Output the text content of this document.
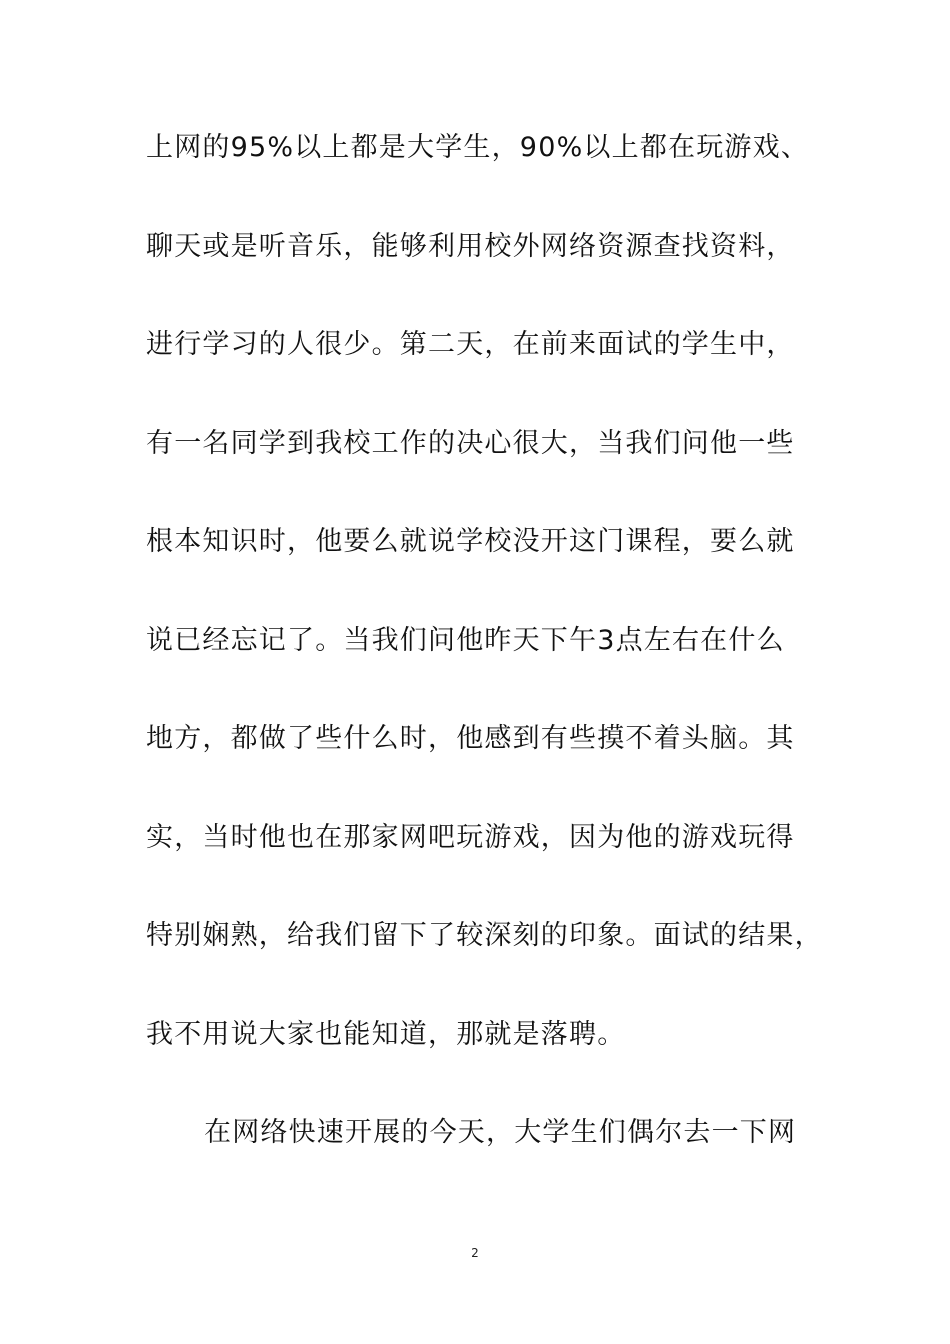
上网的95%以上都是大学生，90%以上都在玩游戏、
聊天或是听音乐，能够利用校外网络资源查找资料，
进行学习的人很少。第二天，在前来面试的学生中，
有一名同学到我校工作的决心很大，当我们问他一些
根本知识时，他要么就说学校没开这门课程，要么就
说已经忘记了。当我们问他昨天下午3点左右在什么
地方，都做了些什么时，他感到有些摸不着头脑。其
实，当时他也在那家网吧玩游戏，因为他的游戏玩得
特别娴熟，给我们留下了较深刻的印象。面试的结果，
我不用说大家也能知道，那就是落聘。
在网络快速开展的今天，大学生们偶尔去一下网
2
